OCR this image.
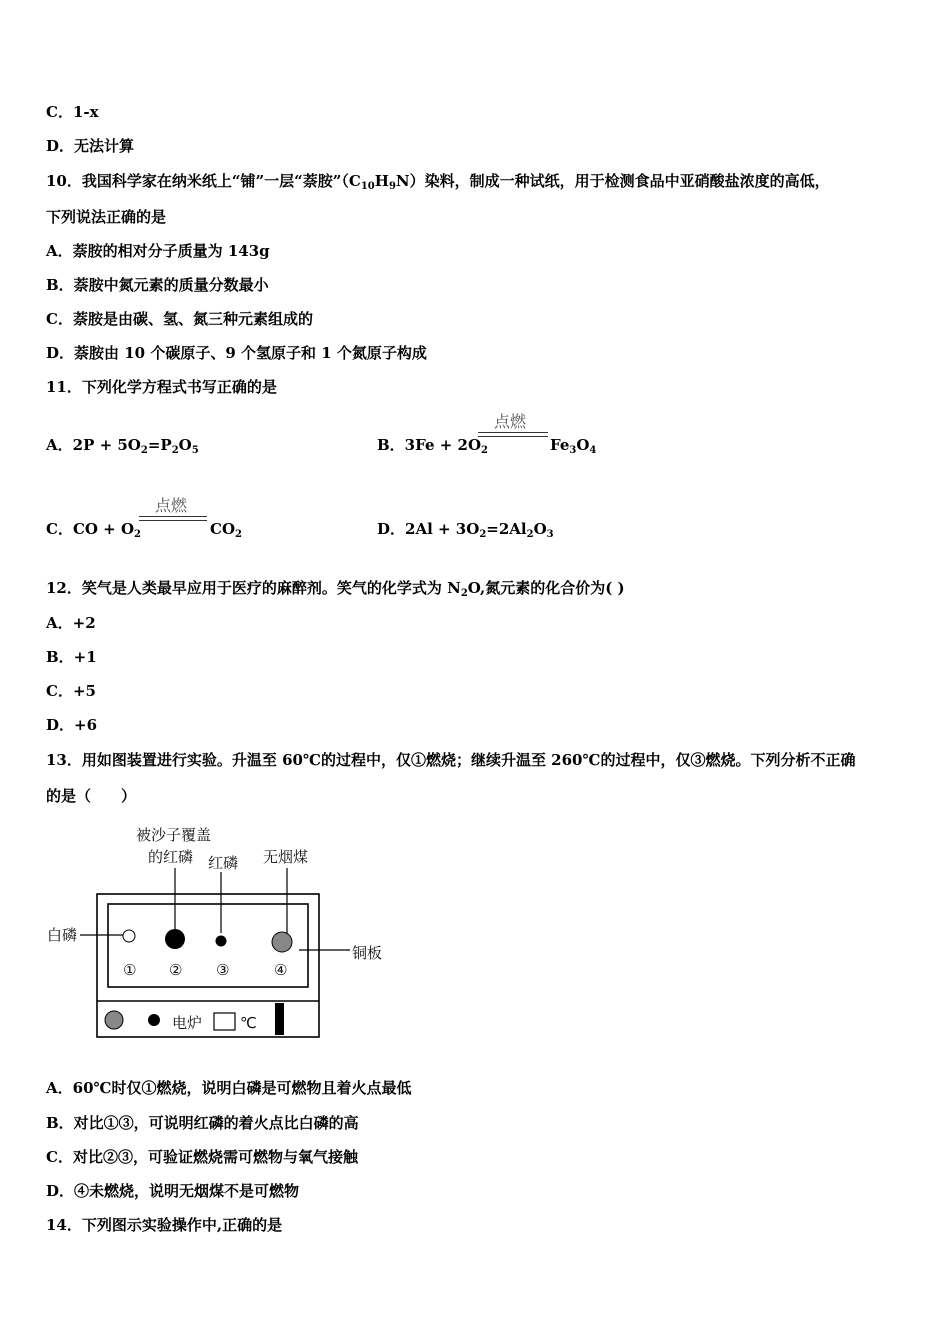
C．1-x
D．无法计算
10．我国科学家在纳米纸上“铺”一层“萘胺$”(C_{10}H_9N)$染料，制成一种试纸，用于检测食品中亚硝酸盐浓度的高低，
下列说法正确的是
A．萘胺的相对分子质量为 143g
B．萘胺中氮元素的质量分数最小
C．萘胺是由碳、氢、氮三种元素组成的
D．萘胺由 10 个碳原子、9 个氢原子和 1 个氮原子构成
11．下列化学方程式书写正确的是
A．$2P + 5O_2=P_2O_5$	B．$3Fe + 2O_2$
点燃
$Fe_3O_4$
C．CO + $O_2$
点燃
$CO_2$	D．$2Al + 3O_2=2Al_2O_3$
12．笑气是人类最早应用于医疗的麻醉剂。笑气的化学式为 $N_2O$,氮元素的化合价为( )
A．+2
B．+1
C．+5
D．+6
13．用如图装置进行实验。升温至 60℃的过程中，仅①燃烧；继续升温至 260℃的过程中，仅③燃烧。下列分析不正确
的是（　　）
被沙子覆盖
的红磷 红磷 无烟煤
白磷
铜板
① ② ③	④
电炉	℃
A．60℃时仅①燃烧，说明白磷是可燃物且着火点最低
B．对比①③，可说明红磷的着火点比白磷的高
C．对比②③，可验证燃烧需可燃物与氧气接触
D．④未燃烧，说明无烟煤不是可燃物
14．下列图示实验操作中,正确的是
